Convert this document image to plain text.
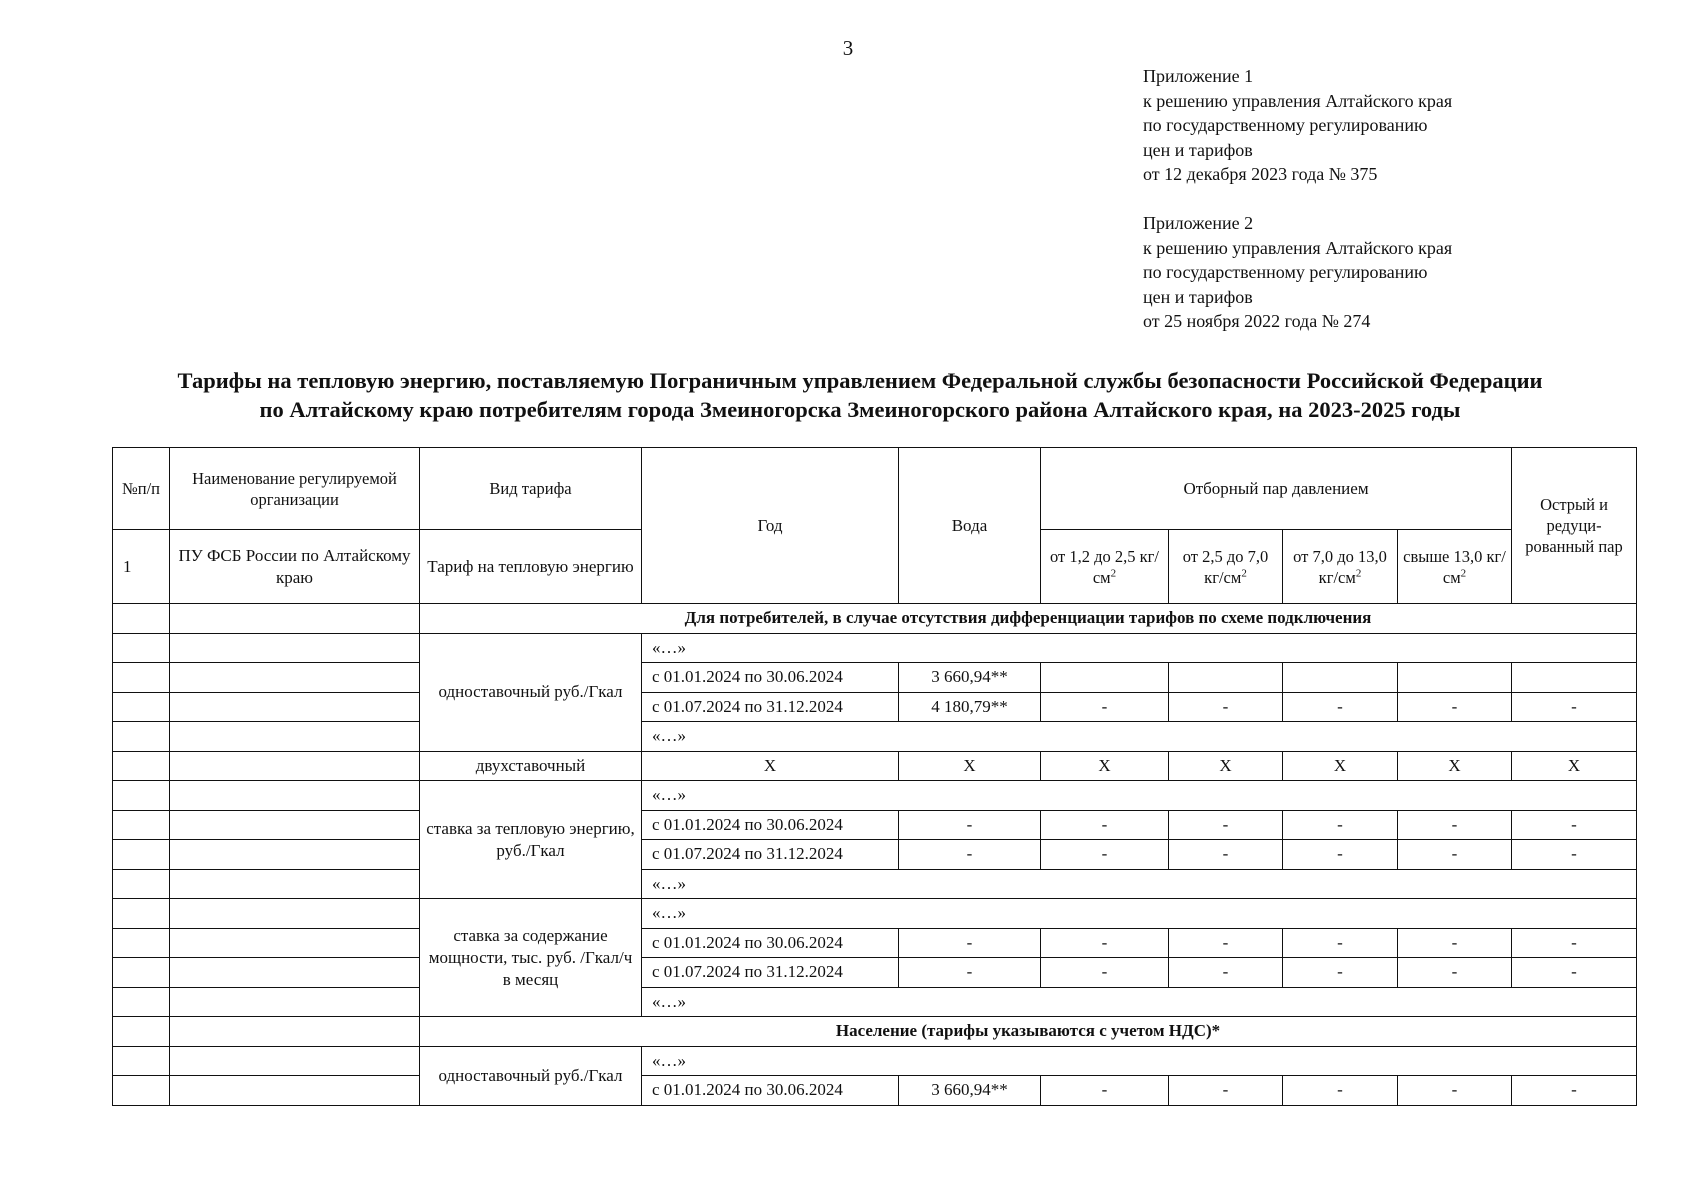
3
Приложение 1
к решению управления Алтайского края
по государственному регулированию
цен и тарифов
от 12 декабря 2023 года № 375
Приложение 2
к решению управления Алтайского края
по государственному регулированию
цен и тарифов
от 25 ноября 2022 года № 274
Тарифы на тепловую энергию, поставляемую Пограничным управлением Федеральной службы безопасности Российской Федерации
по Алтайскому краю потребителям города Змеиногорска Змеиногорского района Алтайского края, на 2023-2025 годы
№п/п	Наименование регулируемой организации	Вид тарифа	Год	Вода	Отборный пар давлением				Острый и редуци-рованный пар
1	ПУ ФСБ России по Алтайскому краю	Тариф на тепловую энергию			от 1,2 до 2,5 $кг/см^2$	от 2,5 до 7,0 $кг/см^2$	от 7,0 до 13,0 $кг/см^2$	свыше 13,0 $кг/см^2$
		Для потребителей, в случае отсутствия дифференциации тарифов по схеме подключения							
		одноставочный руб./Гкал	«…»						
			с 01.01.2024 по 30.06.2024	3 660,94**					
			с 01.07.2024 по 31.12.2024	4 180,79**	-	-	-	-	-
			«…»						
		двухставочный	X	X	X	X	X	X	X
		ставка за тепловую энергию, руб./Гкал	«…»						
			с 01.01.2024 по 30.06.2024	-	-	-	-	-	-
			с 01.07.2024 по 31.12.2024	-	-	-	-	-	-
			«…»						
		ставка за содержание мощности, тыс. руб. /Гкал/ч в месяц	«…»						
			с 01.01.2024 по 30.06.2024	-	-	-	-	-	-
			с 01.07.2024 по 31.12.2024	-	-	-	-	-	-
			«…»						
		Население (тарифы указываются с учетом НДС)*							
		одноставочный руб./Гкал	«…»						
			с 01.01.2024 по 30.06.2024	3 660,94**	-	-	-	-	-
